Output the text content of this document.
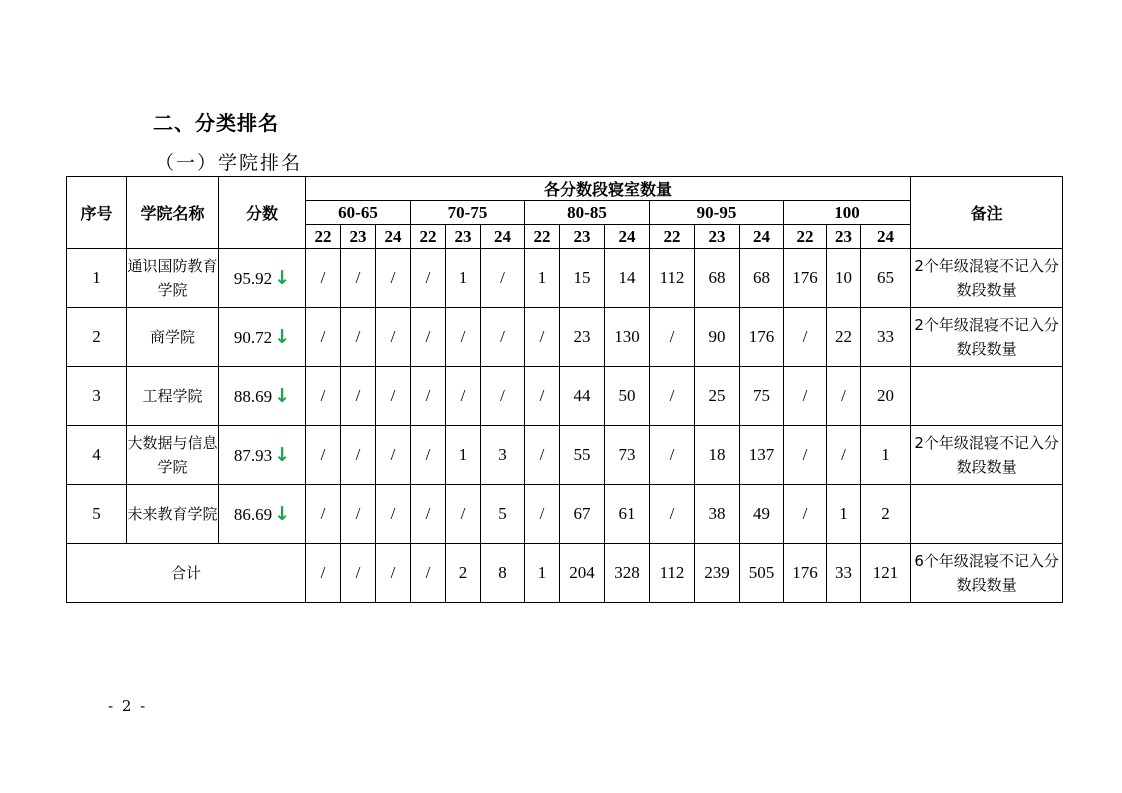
二、分类排名
（一）学院排名
序号	学院名称	分数	各分数段寝室数量															备注
			60-65			70-75			80-85			90-95			100			
			22	23	24	22	23	24	22	23	24	22	23	24	22	23	24	
1	通识国防教育学院	95.92 ↓	/	/	/	/	1	/	1	15	14	112	68	68	176	10	65	2个年级混寝不记入分数段数量
2	商学院	90.72 ↓	/	/	/	/	/	/	/	23	130	/	90	176	/	22	33	2个年级混寝不记入分数段数量
3	工程学院	88.69 ↓	/	/	/	/	/	/	/	44	50	/	25	75	/	/	20	
4	大数据与信息学院	87.93 ↓	/	/	/	/	1	3	/	55	73	/	18	137	/	/	1	2个年级混寝不记入分数段数量
5	未来教育学院	86.69 ↓	/	/	/	/	/	5	/	67	61	/	38	49	/	1	2	
合计			/	/	/	/	2	8	1	204	328	112	239	505	176	33	121	6个年级混寝不记入分数段数量
- 2 -
